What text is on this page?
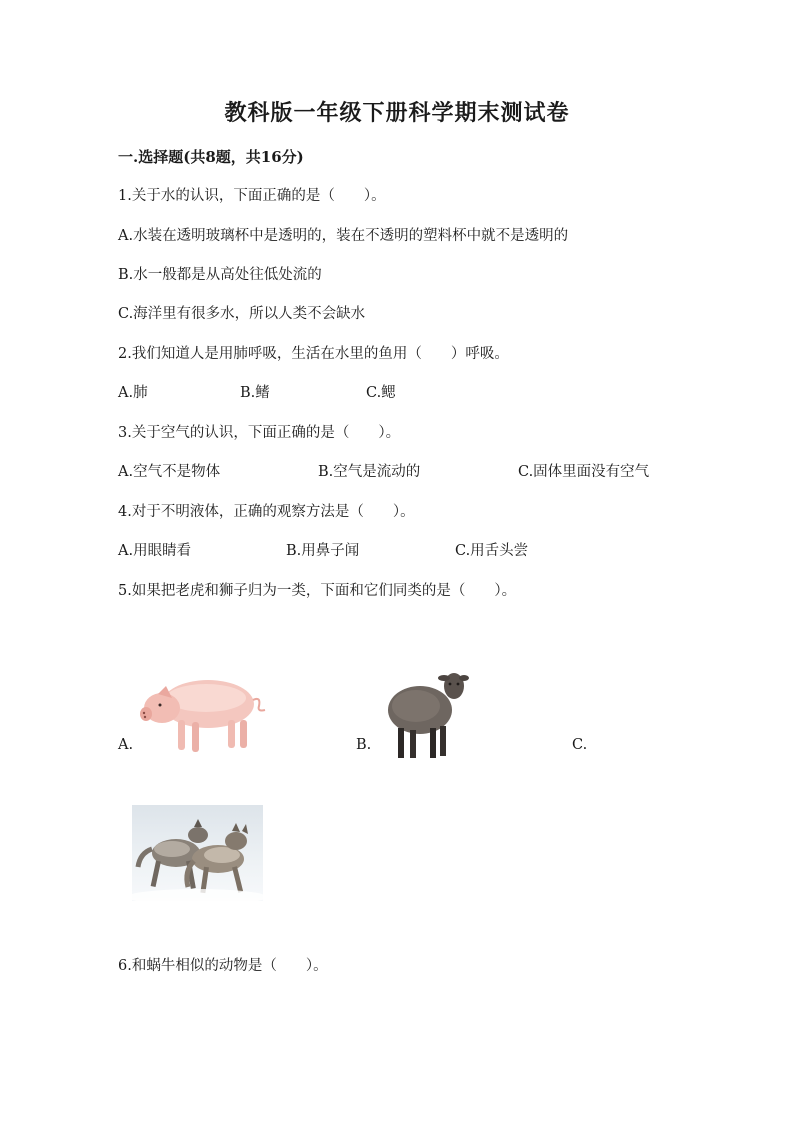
教科版一年级下册科学期末测试卷
一.选择题(共8题，共16分)
1.关于水的认识，下面正确的是（　　）。
A.水装在透明玻璃杯中是透明的，装在不透明的塑料杯中就不是透明的
B.水一般都是从高处往低处流的
C.海洋里有很多水，所以人类不会缺水
2.我们知道人是用肺呼吸，生活在水里的鱼用（　　）呼吸。
A.肺	B.鳍	C.鳃
3.关于空气的认识，下面正确的是（　　）。
A.空气不是物体	B.空气是流动的	C.固体里面没有空气
4.对于不明液体，正确的观察方法是（　　）。
A.用眼睛看	B.用鼻子闻	C.用舌头尝
5.如果把老虎和狮子归为一类，下面和它们同类的是（　　）。
A.	B.	C.
6.和蜗牛相似的动物是（　　）。
